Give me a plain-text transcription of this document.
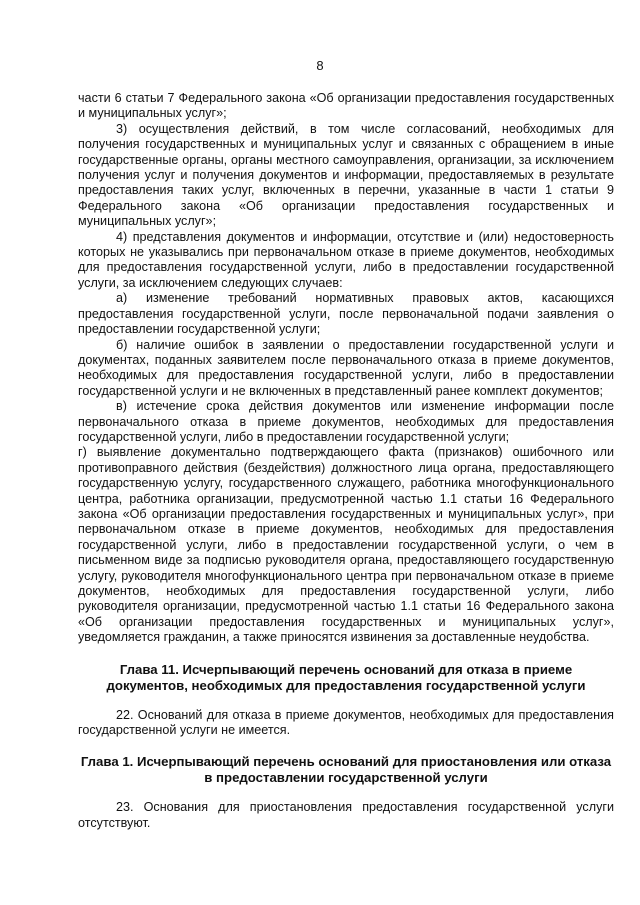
8

части 6 статьи 7 Федерального закона «Об организации предоставления государственных и муниципальных услуг»;

3) осуществления действий, в том числе согласований, необходимых для получения государственных и муниципальных услуг и связанных с обращением в иные государственные органы, органы местного самоуправления, организации, за исключением получения услуг и получения документов и информации, предоставляемых в результате предоставления таких услуг, включенных в перечни, указанные в части 1 статьи 9 Федерального закона «Об организации предоставления государственных и муниципальных услуг»;

4) представления документов и информации, отсутствие и (или) недостоверность которых не указывались при первоначальном отказе в приеме документов, необходимых для предоставления государственной услуги, либо в предоставлении государственной услуги, за исключением следующих случаев:

а) изменение требований нормативных правовых актов, касающихся предоставления государственной услуги, после первоначальной подачи заявления о предоставлении государственной услуги;

б) наличие ошибок в заявлении о предоставлении государственной услуги и документах, поданных заявителем после первоначального отказа в приеме документов, необходимых для предоставления государственной услуги, либо в предоставлении государственной услуги и не включенных в представленный ранее комплект документов;

в) истечение срока действия документов или изменение информации после первоначального отказа в приеме документов, необходимых для предоставления государственной услуги, либо в предоставлении государственной услуги;

г) выявление документально подтверждающего факта (признаков) ошибочного или противоправного действия (бездействия) должностного лица органа, предоставляющего государственную услугу, государственного служащего, работника многофункционального центра, работника организации, предусмотренной частью 1.1 статьи 16 Федерального закона «Об организации предоставления государственных и муниципальных услуг», при первоначальном отказе в приеме документов, необходимых для предоставления государственной услуги, либо в предоставлении государственной услуги, о чем в письменном виде за подписью руководителя органа, предоставляющего государственную услугу, руководителя многофункционального центра при первоначальном отказе в приеме документов, необходимых для предоставления государственной услуги, либо руководителя организации, предусмотренной частью 1.1 статьи 16 Федерального закона «Об организации предоставления государственных и муниципальных услуг», уведомляется гражданин, а также приносятся извинения за доставленные неудобства.

Глава 11. Исчерпывающий перечень оснований для отказа в приеме документов, необходимых для предоставления государственной услуги

22. Оснований для отказа в приеме документов, необходимых для предоставления государственной услуги не имеется.

Глава 1. Исчерпывающий перечень оснований для приостановления или отказа в предоставлении государственной услуги

23. Основания для приостановления предоставления государственной услуги отсутствуют.
